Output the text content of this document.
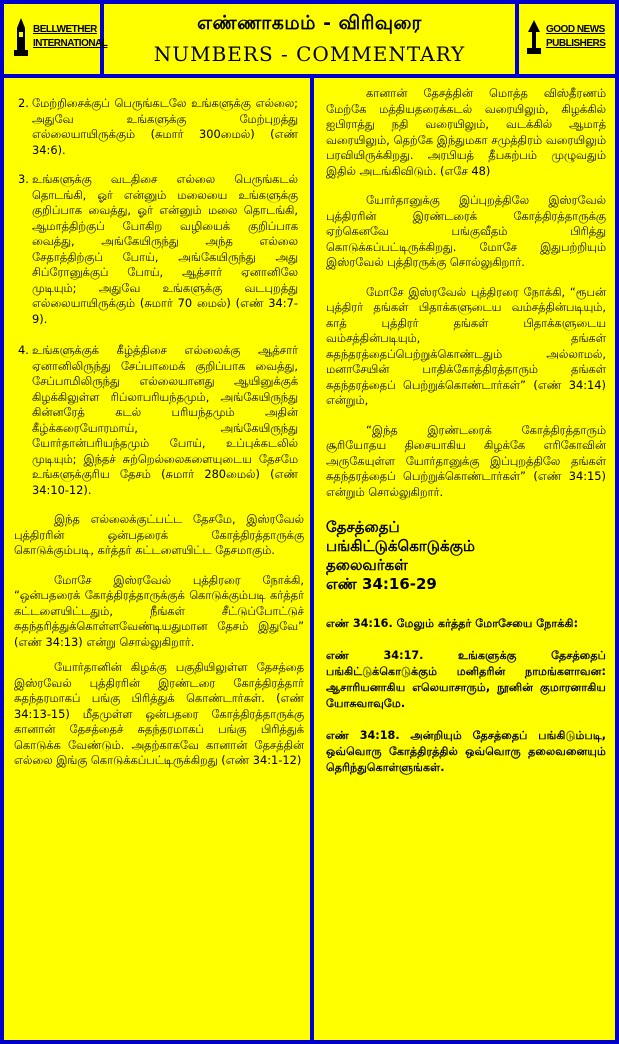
BELLWETHER
INTERNATIONAL
எண்ணாகமம் - விரிவுரை
NUMBERS - COMMENTARY
GOOD NEWS
PUBLISHERS
2. மேற்றிசைக்குப் பெருங்கடலே உங்களுக்கு எல்லை; அதுவே உங்களுக்கு மேற்புறத்து எல்லையாயிருக்கும் (சுமார் 300மைல்) (எண் 34:6).
3. உங்களுக்கு வடதிசை எல்லை பெருங்கடல் தொடங்கி, ஓர் என்னும் மலையை உங்களுக்கு குறிப்பாக வைத்து, ஓர் என்னும் மலை தொடங்கி, ஆமாத்திற்குப் போகிற வழியைக் குறிப்பாக வைத்து, அங்கேயிருந்து அந்த எல்லை சேதாத்திற்குப் போய், அங்கேயிருந்து அது சிப்ரோனுக்குப் போய், ஆத்சார் ஏனானிலே முடியும்; அதுவே உங்களுக்கு வடபுறத்து எல்லையாயிருக்கும் (சுமார் 70 மைல்) (எண் 34:7-9).
4. உங்களுக்குக் கீழ்த்திசை எல்லைக்கு ஆத்சார் ஏனானிலிருந்து சேப்பாமைக் குறிப்பாக வைத்து, சேப்பாமிலிருந்து எல்லையானது ஆயினுக்குக் கிழக்கிலுள்ள ரிப்லாபரியந்தமும், அங்கேயிருந்து கின்னரேத் கடல் பரியந்தமும் அதின் கீழ்க்கரையோரமாய், அங்கேயிருந்து யோர்தான்பரியந்தமும் போய், உப்புக்கடலில் முடியும்; இந்தச் சுற்றெல்லைகளையுடைய தேசமே உங்களுக்குரிய தேசம் (சுமார் 280மைல்) (எண் 34:10-12).
இந்த எல்லைக்குட்பட்ட தேசமே, இஸ்ரவேல் புத்திரரின் ஒன்பதரைக் கோத்திரத்தாருக்கு கொடுக்கும்படி, கர்த்தர் கட்டளையிட்ட தேசமாகும்.
மோசே இஸ்ரவேல் புத்திரரை நோக்கி, “ஒன்பதரைக் கோத்திரத்தாருக்குக் கொடுக்கும்படி கர்த்தர் கட்டளையிட்டதும், நீங்கள் சீட்டுப்போட்டுச் சுதந்தரித்துக்கொள்ளவேண்டியதுமான தேசம் இதுவே” (எண் 34:13) என்று சொல்லுகிறார்.
யோர்தானின் கிழக்கு பகுதியிலுள்ள தேசத்தை இஸ்ரவேல் புத்திரரின் இரண்டரை கோத்திரத்தார் சுதந்தரமாகப் பங்கு பிரித்துக் கொண்டார்கள். (எண் 34:13-15) மீதமுள்ள ஒன்பதரை கோத்திரத்தாருக்கு கானான் தேசத்தைச் சுதந்தரமாகப் பங்கு பிரித்துக் கொடுக்க வேண்டும். அதற்காகவே கானான் தேசத்தின் எல்லை இங்கு கொடுக்கப்பட்டிருக்கிறது (எண் 34:1-12)
கானான் தேசத்தின் மொத்த விஸ்தீரணம் மேற்கே மத்தியதரைக்கடல் வரையிலும், கிழக்கில் ஐபிராத்து நதி வரையிலும், வடக்கில் ஆமாத் வரையிலும், தெற்கே இந்துமகா சமுத்திரம் வரையிலும் பரவியிருக்கிறது. அரபியத் தீபகற்பம் முழுவதும் இதில் அடங்கிவிடும். (எசே 48)
யோர்தானுக்கு இப்புறத்திலே இஸ்ரவேல் புத்திரரின் இரண்டரைக் கோத்திரத்தாருக்கு ஏற்கெனவே பங்குவீதம் பிரித்து கொடுக்கப்பட்டிருக்கிறது. மோசே இதுபற்றியும் இஸ்ரவேல் புத்திரருக்கு சொல்லுகிறார்.
மோசே இஸ்ரவேல் புத்திரரை நோக்கி, “ரூபன் புத்திரர் தங்கள் பிதாக்களுடைய வம்சத்தின்படியும், காத் புத்திரர் தங்கள் பிதாக்களுடைய வம்சத்தின்படியும், தங்கள் சுதந்தரத்தைப்பெற்றுக்கொண்டதும் அல்லாமல், மனாசேயின் பாதிக்கோத்திரத்தாரும் தங்கள் சுதந்தரத்தைப் பெற்றுக்கொண்டார்கள்” (எண் 34:14) என்றும்,
“இந்த இரண்டரைக் கோத்திரத்தாரும் சூரியோதய திசையாகிய கிழக்கே எரிகோவின் அருகேயுள்ள யோர்தானுக்கு இப்புறத்திலே தங்கள் சுதந்தரத்தைப் பெற்றுக்கொண்டார்கள்” (எண் 34:15) என்றும் சொல்லுகிறார்.
தேசத்தைப்
பங்கிட்டுக்கொடுக்கும்
தலைவர்கள்
எண் 34:16-29
எண் 34:16. மேலும் கர்த்தர் மோசேயை நோக்கி:
எண் 34:17. உங்களுக்கு தேசத்தைப் பங்கிட்டுக்கொடுக்கும் மனிதரின் நாமங்களாவன: ஆசாரியனாகிய எலெயாசாரும், நூனின் குமாரனாகிய யோசுவாவுமே.
எண் 34:18. அன்றியும் தேசத்தைப் பங்கிடும்படி, ஒவ்வொரு கோத்திரத்தில் ஒவ்வொரு தலைவனையும் தெரிந்துகொள்ளுங்கள்.
